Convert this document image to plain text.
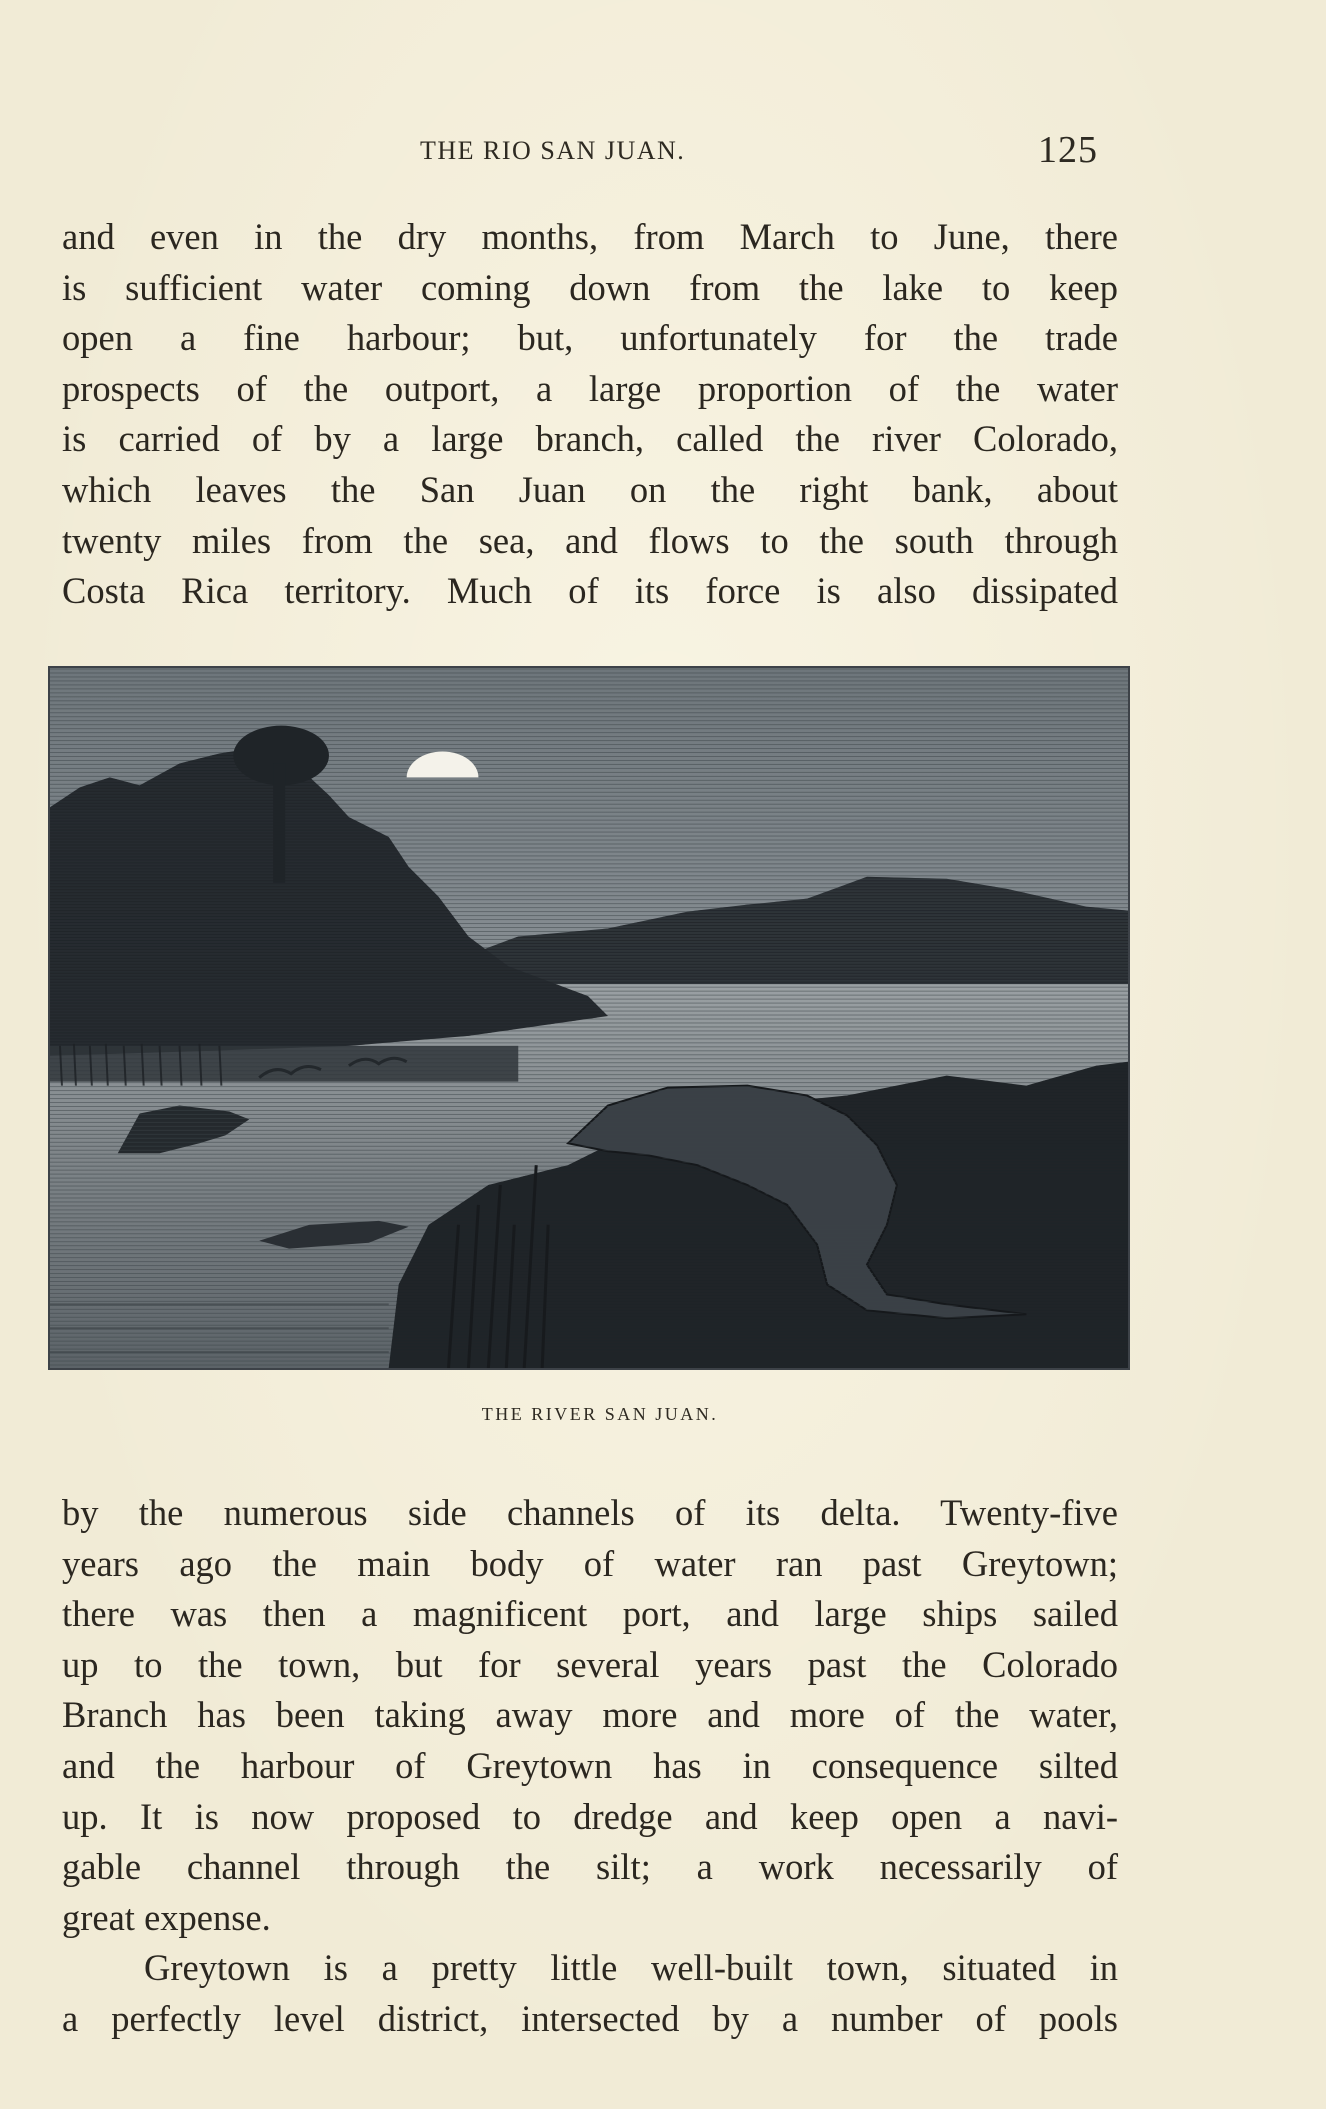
THE RIO SAN JUAN.	125
and even in the dry months, from March to June, there
is sufficient water coming down from the lake to keep
open a fine harbour; but, unfortunately for the trade
prospects of the outport, a large proportion of the water
is carried of by a large branch, called the river Colorado,
which leaves the San Juan on the right bank, about
twenty miles from the sea, and flows to the south through
Costa Rica territory. Much of its force is also dissipated
THE RIVER SAN JUAN.
by the numerous side channels of its delta. Twenty-five
years ago the main body of water ran past Greytown;
there was then a magnificent port, and large ships sailed
up to the town, but for several years past the Colorado
Branch has been taking away more and more of the water,
and the harbour of Greytown has in consequence silted
up. It is now proposed to dredge and keep open a navi-
gable channel through the silt; a work necessarily of
great expense.
Greytown is a pretty little well-built town, situated in
a perfectly level district, intersected by a number of pools
